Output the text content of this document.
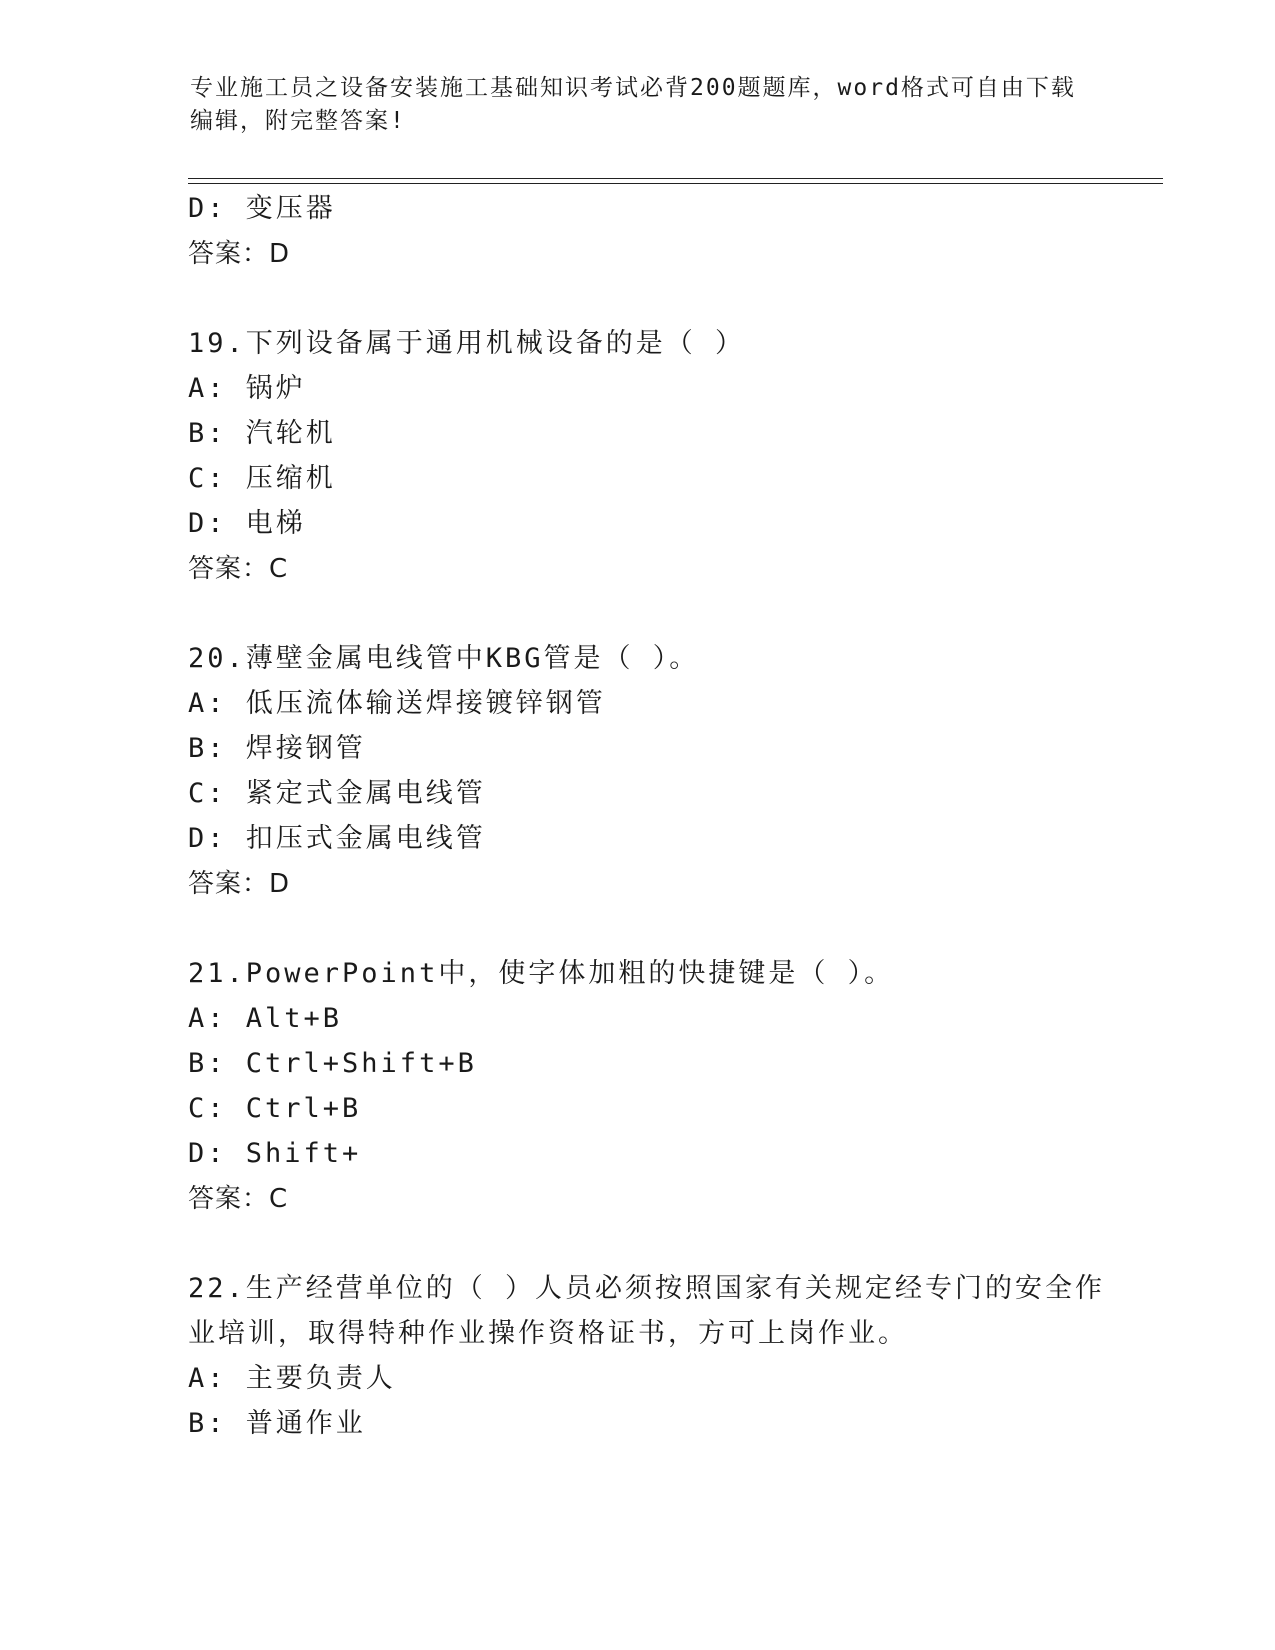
专业施工员之设备安装施工基础知识考试必背200题题库，word格式可自由下载
编辑，附完整答案!
D: 变压器
答案：D
19.下列设备属于通用机械设备的是（ ）
A: 锅炉
B: 汽轮机
C: 压缩机
D: 电梯
答案：C
20.薄壁金属电线管中KBG管是（ ）。
A: 低压流体输送焊接镀锌钢管
B: 焊接钢管
C: 紧定式金属电线管
D: 扣压式金属电线管
答案：D
21.PowerPoint中，使字体加粗的快捷键是（ ）。
A: Alt+B
B: Ctrl+Shift+B
C: Ctrl+B
D: Shift+
答案：C
22.生产经营单位的（ ）人员必须按照国家有关规定经专门的安全作
业培训，取得特种作业操作资格证书，方可上岗作业。
A: 主要负责人
B: 普通作业
